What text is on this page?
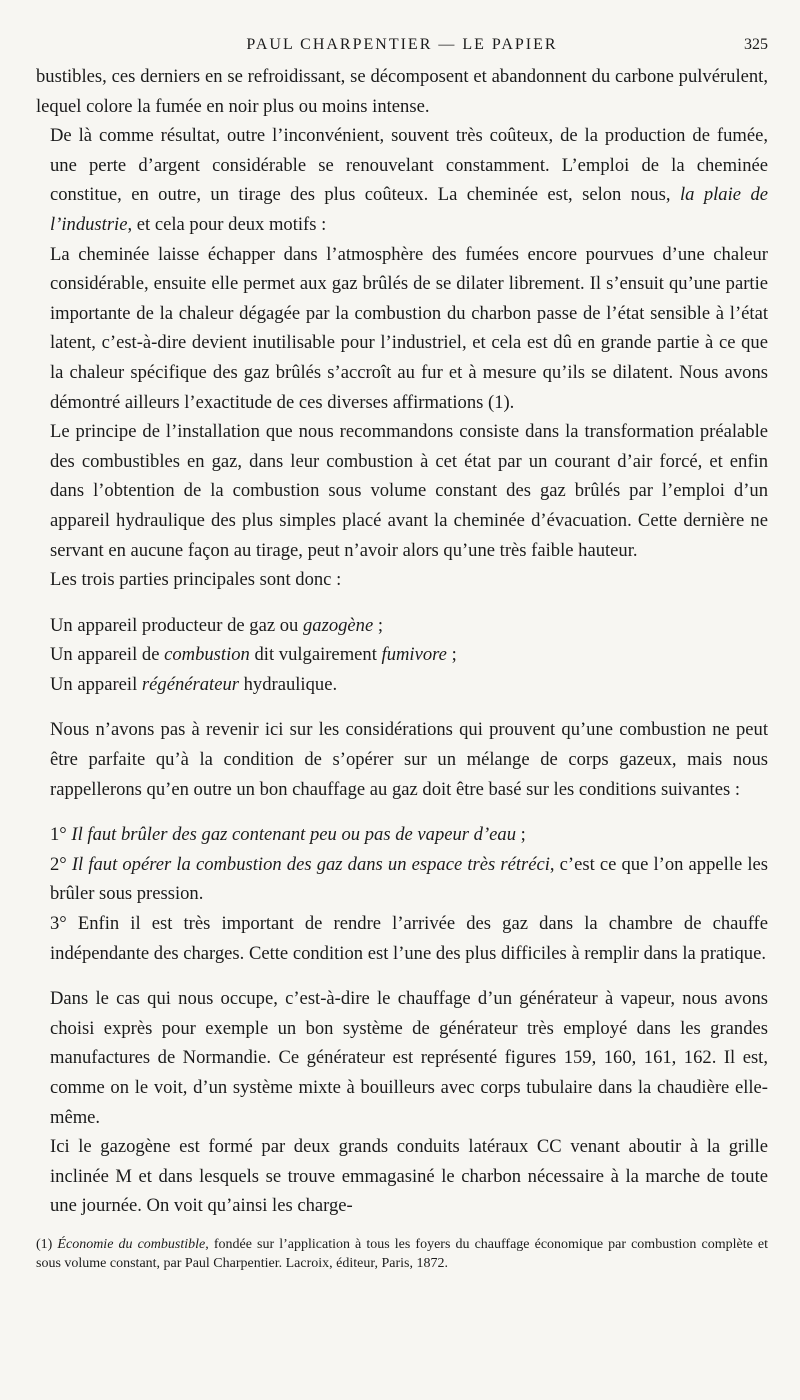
PAUL CHARPENTIER — LE PAPIER	325

bustibles, ces derniers en se refroidissant, se décomposent et abandonnent du carbone pulvérulent, lequel colore la fumée en noir plus ou moins intense.

De là comme résultat, outre l’inconvénient, souvent très coûteux, de la production de fumée, une perte d’argent considérable se renouvelant constamment. L’emploi de la cheminée constitue, en outre, un tirage des plus coûteux. La cheminée est, selon nous, la plaie de l’industrie, et cela pour deux motifs :

La cheminée laisse échapper dans l’atmosphère des fumées encore pourvues d’une chaleur considérable, ensuite elle permet aux gaz brûlés de se dilater librement. Il s’ensuit qu’une partie importante de la chaleur dégagée par la combustion du charbon passe de l’état sensible à l’état latent, c’est-à-dire devient inutilisable pour l’industriel, et cela est dû en grande partie à ce que la chaleur spécifique des gaz brûlés s’accroît au fur et à mesure qu’ils se dilatent. Nous avons démontré ailleurs l’exactitude de ces diverses affirmations (1).

Le principe de l’installation que nous recommandons consiste dans la transformation préalable des combustibles en gaz, dans leur combustion à cet état par un courant d’air forcé, et enfin dans l’obtention de la combustion sous volume constant des gaz brûlés par l’emploi d’un appareil hydraulique des plus simples placé avant la cheminée d’évacuation. Cette dernière ne servant en aucune façon au tirage, peut n’avoir alors qu’une très faible hauteur.

Les trois parties principales sont donc :

Un appareil producteur de gaz ou gazogène ;

Un appareil de combustion dit vulgairement fumivore ;

Un appareil régénérateur hydraulique.

Nous n’avons pas à revenir ici sur les considérations qui prouvent qu’une combustion ne peut être parfaite qu’à la condition de s’opérer sur un mélange de corps gazeux, mais nous rappellerons qu’en outre un bon chauffage au gaz doit être basé sur les conditions suivantes :

1° Il faut brûler des gaz contenant peu ou pas de vapeur d’eau ;

2° Il faut opérer la combustion des gaz dans un espace très rétréci, c’est ce que l’on appelle les brûler sous pression.

3° Enfin il est très important de rendre l’arrivée des gaz dans la chambre de chauffe indépendante des charges. Cette condition est l’une des plus difficiles à remplir dans la pratique.

Dans le cas qui nous occupe, c’est-à-dire le chauffage d’un générateur à vapeur, nous avons choisi exprès pour exemple un bon système de générateur très employé dans les grandes manufactures de Normandie. Ce générateur est représenté figures 159, 160, 161, 162. Il est, comme on le voit, d’un système mixte à bouilleurs avec corps tubulaire dans la chaudière elle-même.

Ici le gazogène est formé par deux grands conduits latéraux CC venant aboutir à la grille inclinée M et dans lesquels se trouve emmagasiné le charbon nécessaire à la marche de toute une journée. On voit qu’ainsi les charge-

(1) Économie du combustible, fondée sur l’application à tous les foyers du chauffage économique par combustion complète et sous volume constant, par Paul Charpentier. Lacroix, éditeur, Paris, 1872.
